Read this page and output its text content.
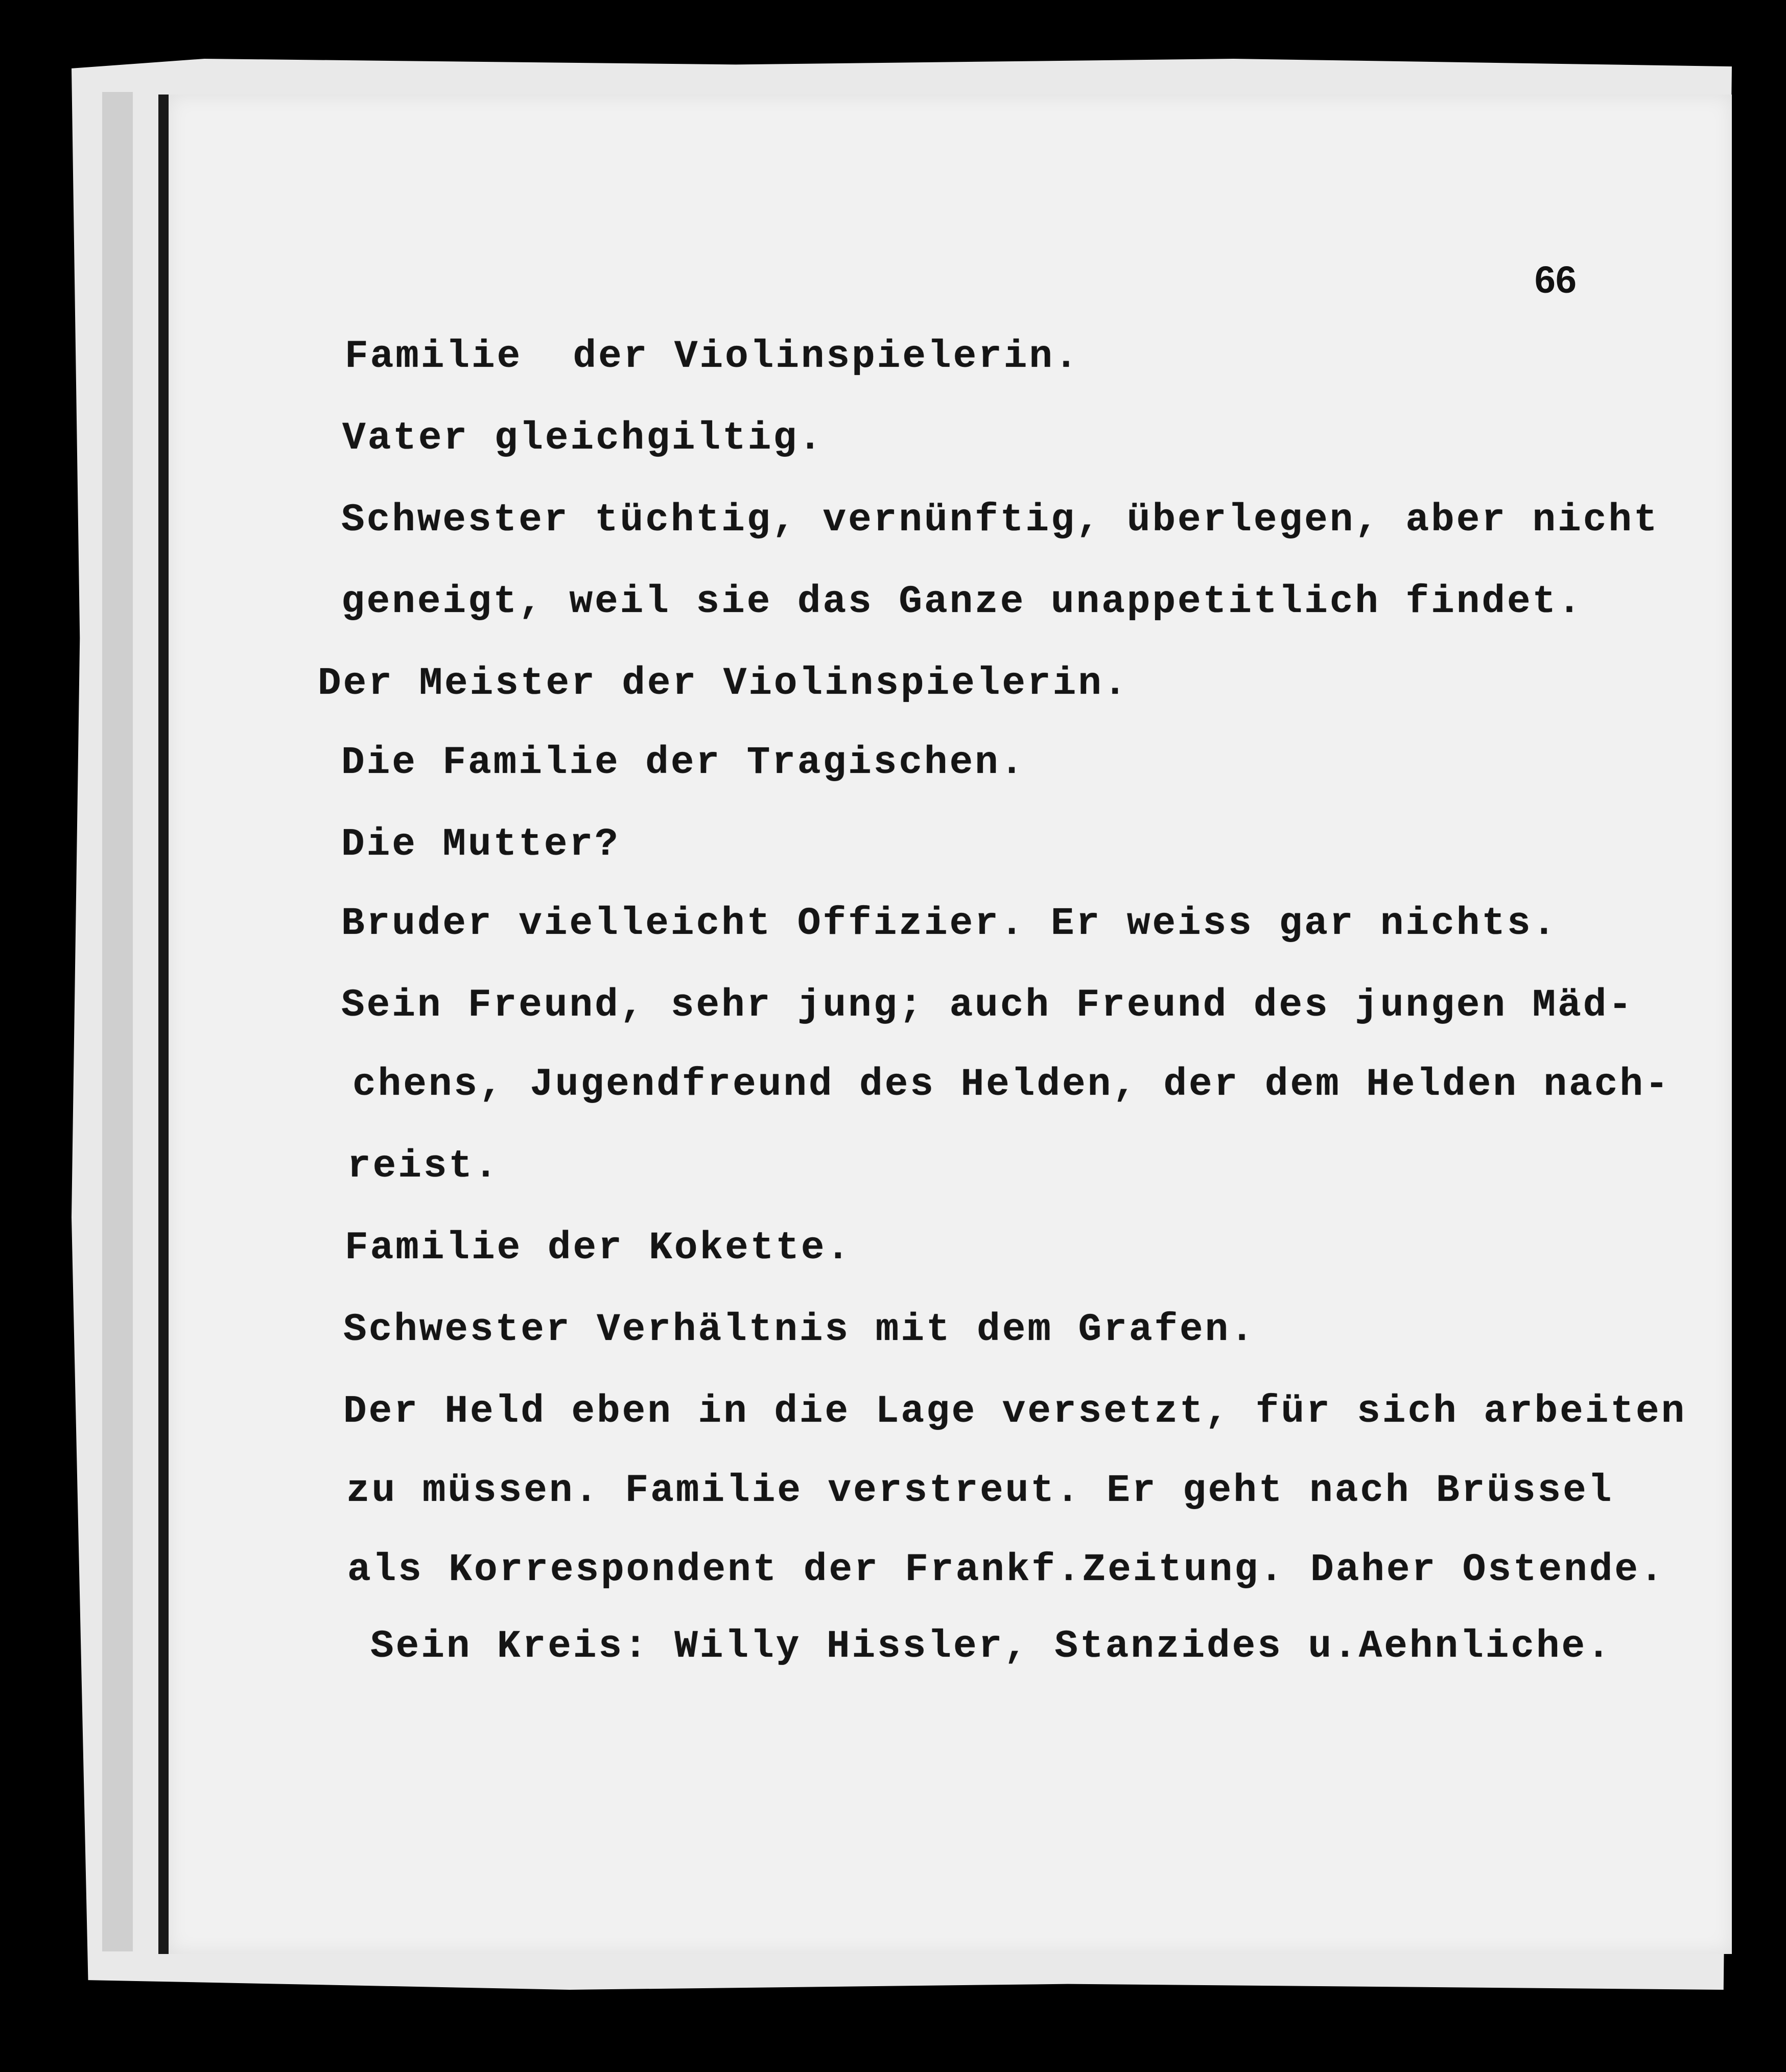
66
Familie  der Violinspielerin.
Vater gleichgiltig.
Schwester tüchtig, vernünftig, überlegen, aber nicht
geneigt, weil sie das Ganze unappetitlich findet.
Der Meister der Violinspielerin.
Die Familie der Tragischen.
Die Mutter?
Bruder vielleicht Offizier. Er weiss gar nichts.
Sein Freund, sehr jung; auch Freund des jungen Mäd-
chens, Jugendfreund des Helden, der dem Helden nach-
reist.
Familie der Kokette.
Schwester Verhältnis mit dem Grafen.
Der Held eben in die Lage versetzt, für sich arbeiten
zu müssen. Familie verstreut. Er geht nach Brüssel
als Korrespondent der Frankf.Zeitung. Daher Ostende.
Sein Kreis: Willy Hissler, Stanzides u.Aehnliche.
